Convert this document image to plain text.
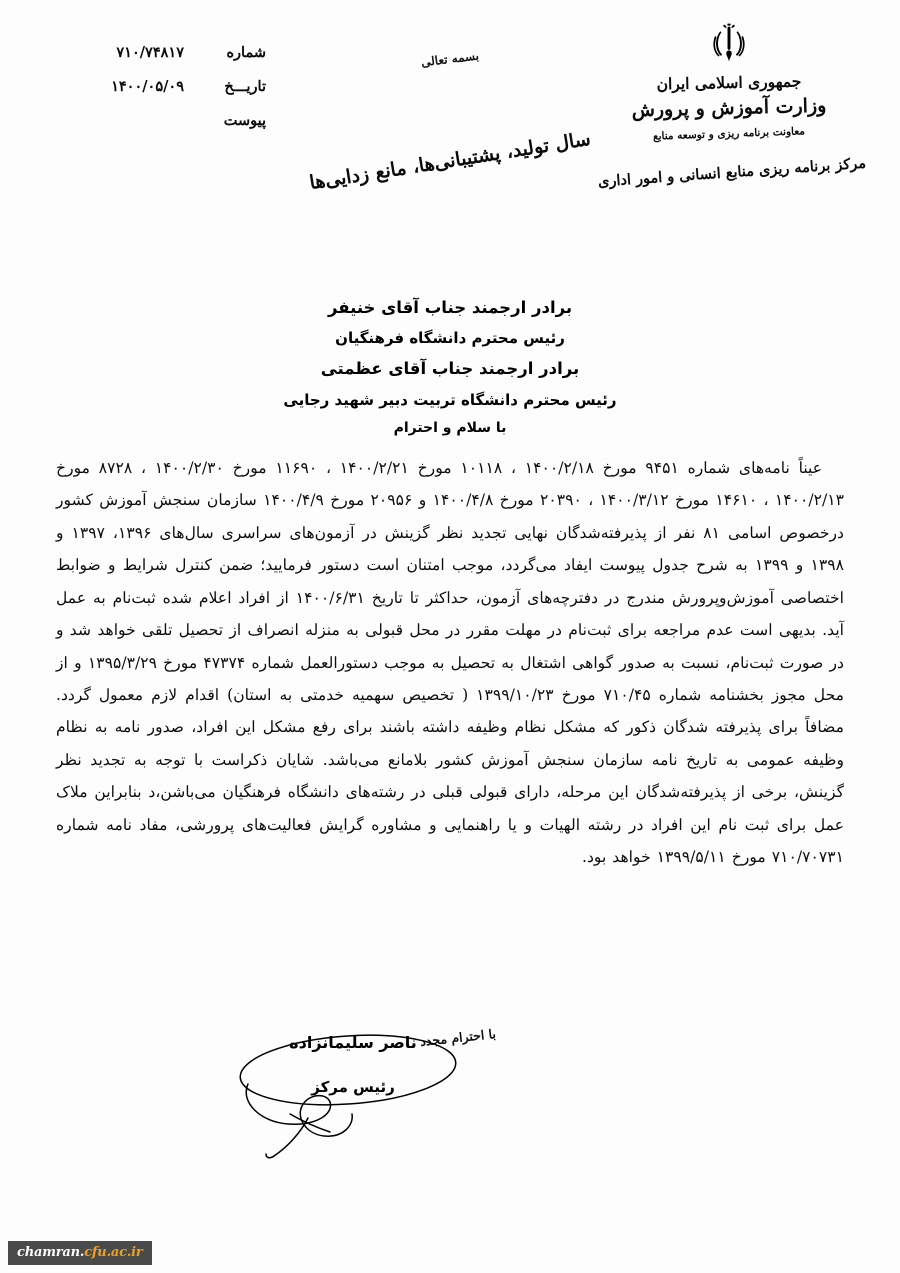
جمهوری اسلامی ایران
وزارت آموزش و پرورش
معاونت برنامه ریزی و توسعه منابع
مرکز برنامه ریزی منابع انسانی و امور اداری
بسمه تعالی
سال تولید، پشتیبانی‌ها، مانع زدایی‌ها
شماره
۷۱۰/۷۴۸۱۷
تاریـــخ
۱۴۰۰/۰۵/۰۹
پیوست
برادر ارجمند جناب آقای خنیفر
رئیس محترم دانشگاه فرهنگیان
برادر ارجمند جناب آقای عظمتی
رئیس محترم دانشگاه تربیت دبیر شهید رجایی
با سلام و احترام

عیناً نامه‌های شماره ۹۴۵۱ مورخ ۱۴۰۰/۲/۱۸ ، ۱۰۱۱۸ مورخ ۱۴۰۰/۲/۲۱ ، ۱۱۶۹۰ مورخ ۱۴۰۰/۲/۳۰ ، ۸۷۲۸ مورخ ۱۴۰۰/۲/۱۳ ، ۱۴۶۱۰ مورخ ۱۴۰۰/۳/۱۲ ، ۲۰۳۹۰ مورخ ۱۴۰۰/۴/۸ و ۲۰۹۵۶ مورخ ۱۴۰۰/۴/۹ سازمان سنجش آموزش کشور درخصوص اسامی ۸۱ نفر از پذیرفته‌شدگان نهایی تجدید نظر گزینش در آزمون‌های سراسری سال‌های ۱۳۹۶، ۱۳۹۷ و ۱۳۹۸ و ۱۳۹۹ به شرح جدول پیوست ایفاد می‌گردد، موجب امتنان است دستور فرمایید؛ ضمن کنترل شرایط و ضوابط اختصاصی آموزش‌وپرورش مندرج در دفترچه‌های آزمون، حداکثر تا تاریخ ۱۴۰۰/۶/۳۱ از افراد اعلام شده ثبت‌نام به عمل آید. بدیهی است عدم مراجعه برای ثبت‌نام در مهلت مقرر در محل قبولی به منزله انصراف از تحصیل تلقی خواهد شد و در صورت ثبت‌نام، نسبت به صدور گواهی اشتغال به تحصیل به موجب دستورالعمل شماره ۴۷۳۷۴ مورخ ۱۳۹۵/۳/۲۹ و از محل مجوز بخشنامه شماره ۷۱۰/۴۵ مورخ ۱۳۹۹/۱۰/۲۳ ( تخصیص سهمیه خدمتی به استان) اقدام لازم معمول گردد. مضافاً برای پذیرفته شدگان ذکور که مشکل نظام وظیفه داشته باشند برای رفع مشکل این افراد، صدور نامه به نظام وظیفه عمومی به تاریخ نامه سازمان سنجش آموزش کشور بلامانع می‌باشد. شایان ذکراست با توجه به تجدید نظر گزینش، برخی از پذیرفته‌شدگان این مرحله، دارای قبولی قبلی در رشته‌های دانشگاه فرهنگیان می‌باشن،د بنابراین ملاک عمل برای ثبت نام این افراد در رشته الهیات و یا راهنمایی و مشاوره گرایش فعالیت‌های پرورشی، مفاد نامه شماره ۷۱۰/۷۰۷۳۱ مورخ ۱۳۹۹/۵/۱۱ خواهد بود.

با احترام مجدد
ناصر سلیمانزاده
رئیس مرکز
chamran.cfu.ac.ir
